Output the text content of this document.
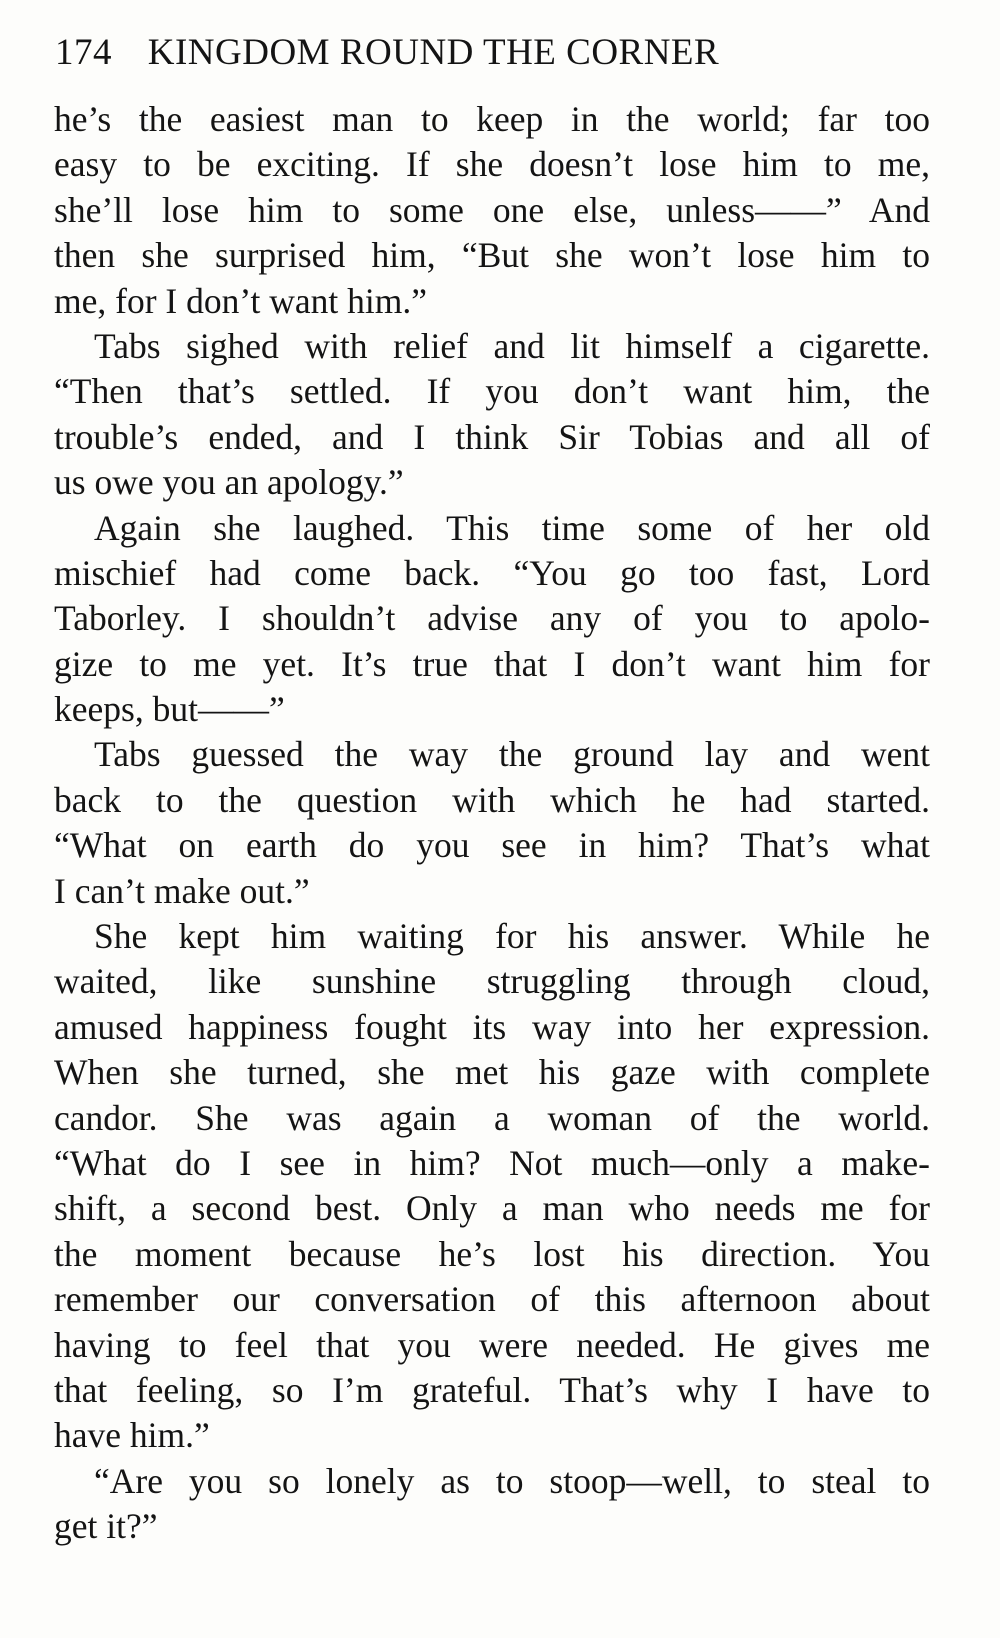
174 KINGDOM ROUND THE CORNER
he’s the easiest man to keep in the world; far too
easy to be exciting. If she doesn’t lose him to me,
she’ll lose him to some one else, unless——” And
then she surprised him, “But she won’t lose him to
me, for I don’t want him.”
Tabs sighed with relief and lit himself a cigarette.
“Then that’s settled. If you don’t want him, the
trouble’s ended, and I think Sir Tobias and all of
us owe you an apology.”
Again she laughed. This time some of her old
mischief had come back. “You go too fast, Lord
Taborley. I shouldn’t advise any of you to apolo-
gize to me yet. It’s true that I don’t want him for
keeps, but——”
Tabs guessed the way the ground lay and went
back to the question with which he had started.
“What on earth do you see in him? That’s what
I can’t make out.”
She kept him waiting for his answer. While he
waited, like sunshine struggling through cloud,
amused happiness fought its way into her expression.
When she turned, she met his gaze with complete
candor. She was again a woman of the world.
“What do I see in him? Not much—only a make-
shift, a second best. Only a man who needs me for
the moment because he’s lost his direction. You
remember our conversation of this afternoon about
having to feel that you were needed. He gives me
that feeling, so I’m grateful. That’s why I have to
have him.”
“Are you so lonely as to stoop—well, to steal to
get it?”
